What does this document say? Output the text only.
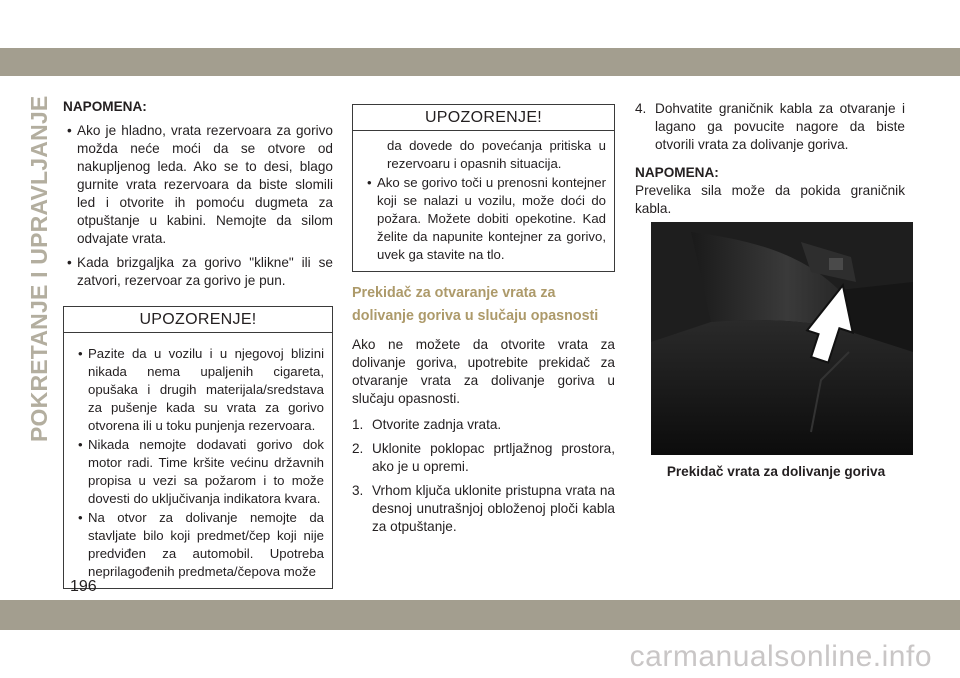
POKRETANJE I UPRAVLJANJE NAPOMENA:
• Ako je hladno, vrata rezervoara za gorivo možda neće moći da se otvore od nakupljenog leda. Ako se to desi, blago gurnite vrata rezervoara da biste slomili led i otvorite ih pomoću dugmeta za otpuštanje u kabini. Nemojte da silom odvajate vrata.
• Kada brizgaljka za gorivo "klikne" ili se zatvori, rezervoar za gorivo je pun.
UPOZORENJE!
• Pazite da u vozilu i u njegovoj blizini nikada nema upaljenih cigareta, opušaka i drugih materijala/sredstava za pušenje kada su vrata za gorivo otvorena ili u toku punjenja rezervoara.
• Nikada nemojte dodavati gorivo dok motor radi. Time kršite većinu državnih propisa u vezi sa požarom i to može dovesti do uključivanja indikatora kvara.
• Na otvor za dolivanje nemojte da stavljate bilo koji predmet/čep koji nije predviđen za automobil. Upotreba neprilagođenih predmeta/čepova može
UPOZORENJE!
da dovede do povećanja pritiska u rezervoaru i opasnih situacija.
• Ako se gorivo toči u prenosni kontejner koji se nalazi u vozilu, može doći do požara. Možete dobiti opekotine. Kad želite da napunite kontejner za gorivo, uvek ga stavite na tlo.
Prekidač za otvaranje vrata za dolivanje goriva u slučaju opasnosti
Ako ne možete da otvorite vrata za dolivanje goriva, upotrebite prekidač za otvaranje vrata za dolivanje goriva u slučaju opasnosti.
1. Otvorite zadnja vrata.
2. Uklonite poklopac prtljažnog prostora, ako je u opremi.
3. Vrhom ključa uklonite pristupna vrata na desnoj unutrašnjoj obloženoj ploči kabla za otpuštanje.
4. Dohvatite graničnik kabla za otvaranje i lagano ga povucite nagore da biste otvorili vrata za dolivanje goriva.
NAPOMENA:
Prevelika sila može da pokida graničnik kabla.
Prekidač vrata za dolivanje goriva
196
carmanualsonline.info
